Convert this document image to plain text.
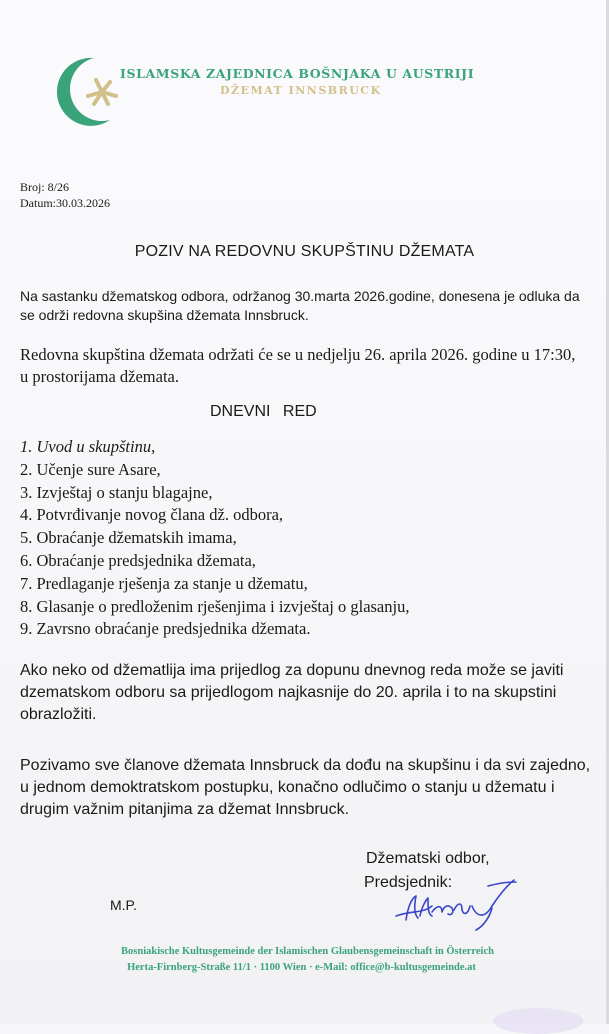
ISLAMSKA ZAJEDNICA BOŠNJAKA U AUSTRIJI
DŽEMAT INNSBRUCK
Broj: 8/26
Datum:30.03.2026
POZIV NA REDOVNU SKUPŠTINU DŽEMATA
Na sastanku džematskog odbora, održanog 30.marta 2026.godine, donesena je odluka da se održi redovna skupšina džemata Innsbruck.
Redovna skupština džemata održati će se u nedjelju 26. aprila 2026. godine u 17:30, u prostorijama džemata.
DNEVNI RED
1. Uvod u skupštinu,
2. Učenje sure Asare,
3. Izvještaj o stanju blagajne,
4. Potvrđivanje novog člana dž. odbora,
5. Obraćanje džematskih imama,
6. Obraćanje predsjednika džemata,
7. Predlaganje rješenja za stanje u džematu,
8. Glasanje o predloženim rješenjima i izvještaj o glasanju,
9. Zavrsno obraćanje predsjednika džemata.
Ako neko od džematlija ima prijedlog za dopunu dnevnog reda može se javiti dzematskom odboru sa prijedlogom najkasnije do 20. aprila i to na skupstini obrazložiti.
Pozivamo sve članove džemata Innsbruck da dođu na skupšinu i da svi zajedno, u jednom demoktratskom postupku, konačno odlučimo o stanju u džematu i drugim važnim pitanjima za džemat Innsbruck.
Džematski odbor,
Predsjednik:
M.P.
Bosniakische Kultusgemeinde der Islamischen Glaubensgemeinschaft in Österreich
Herta-Firnberg-Straße 11/1 · 1100 Wien · e-Mail: office@b-kultusgemeinde.at
